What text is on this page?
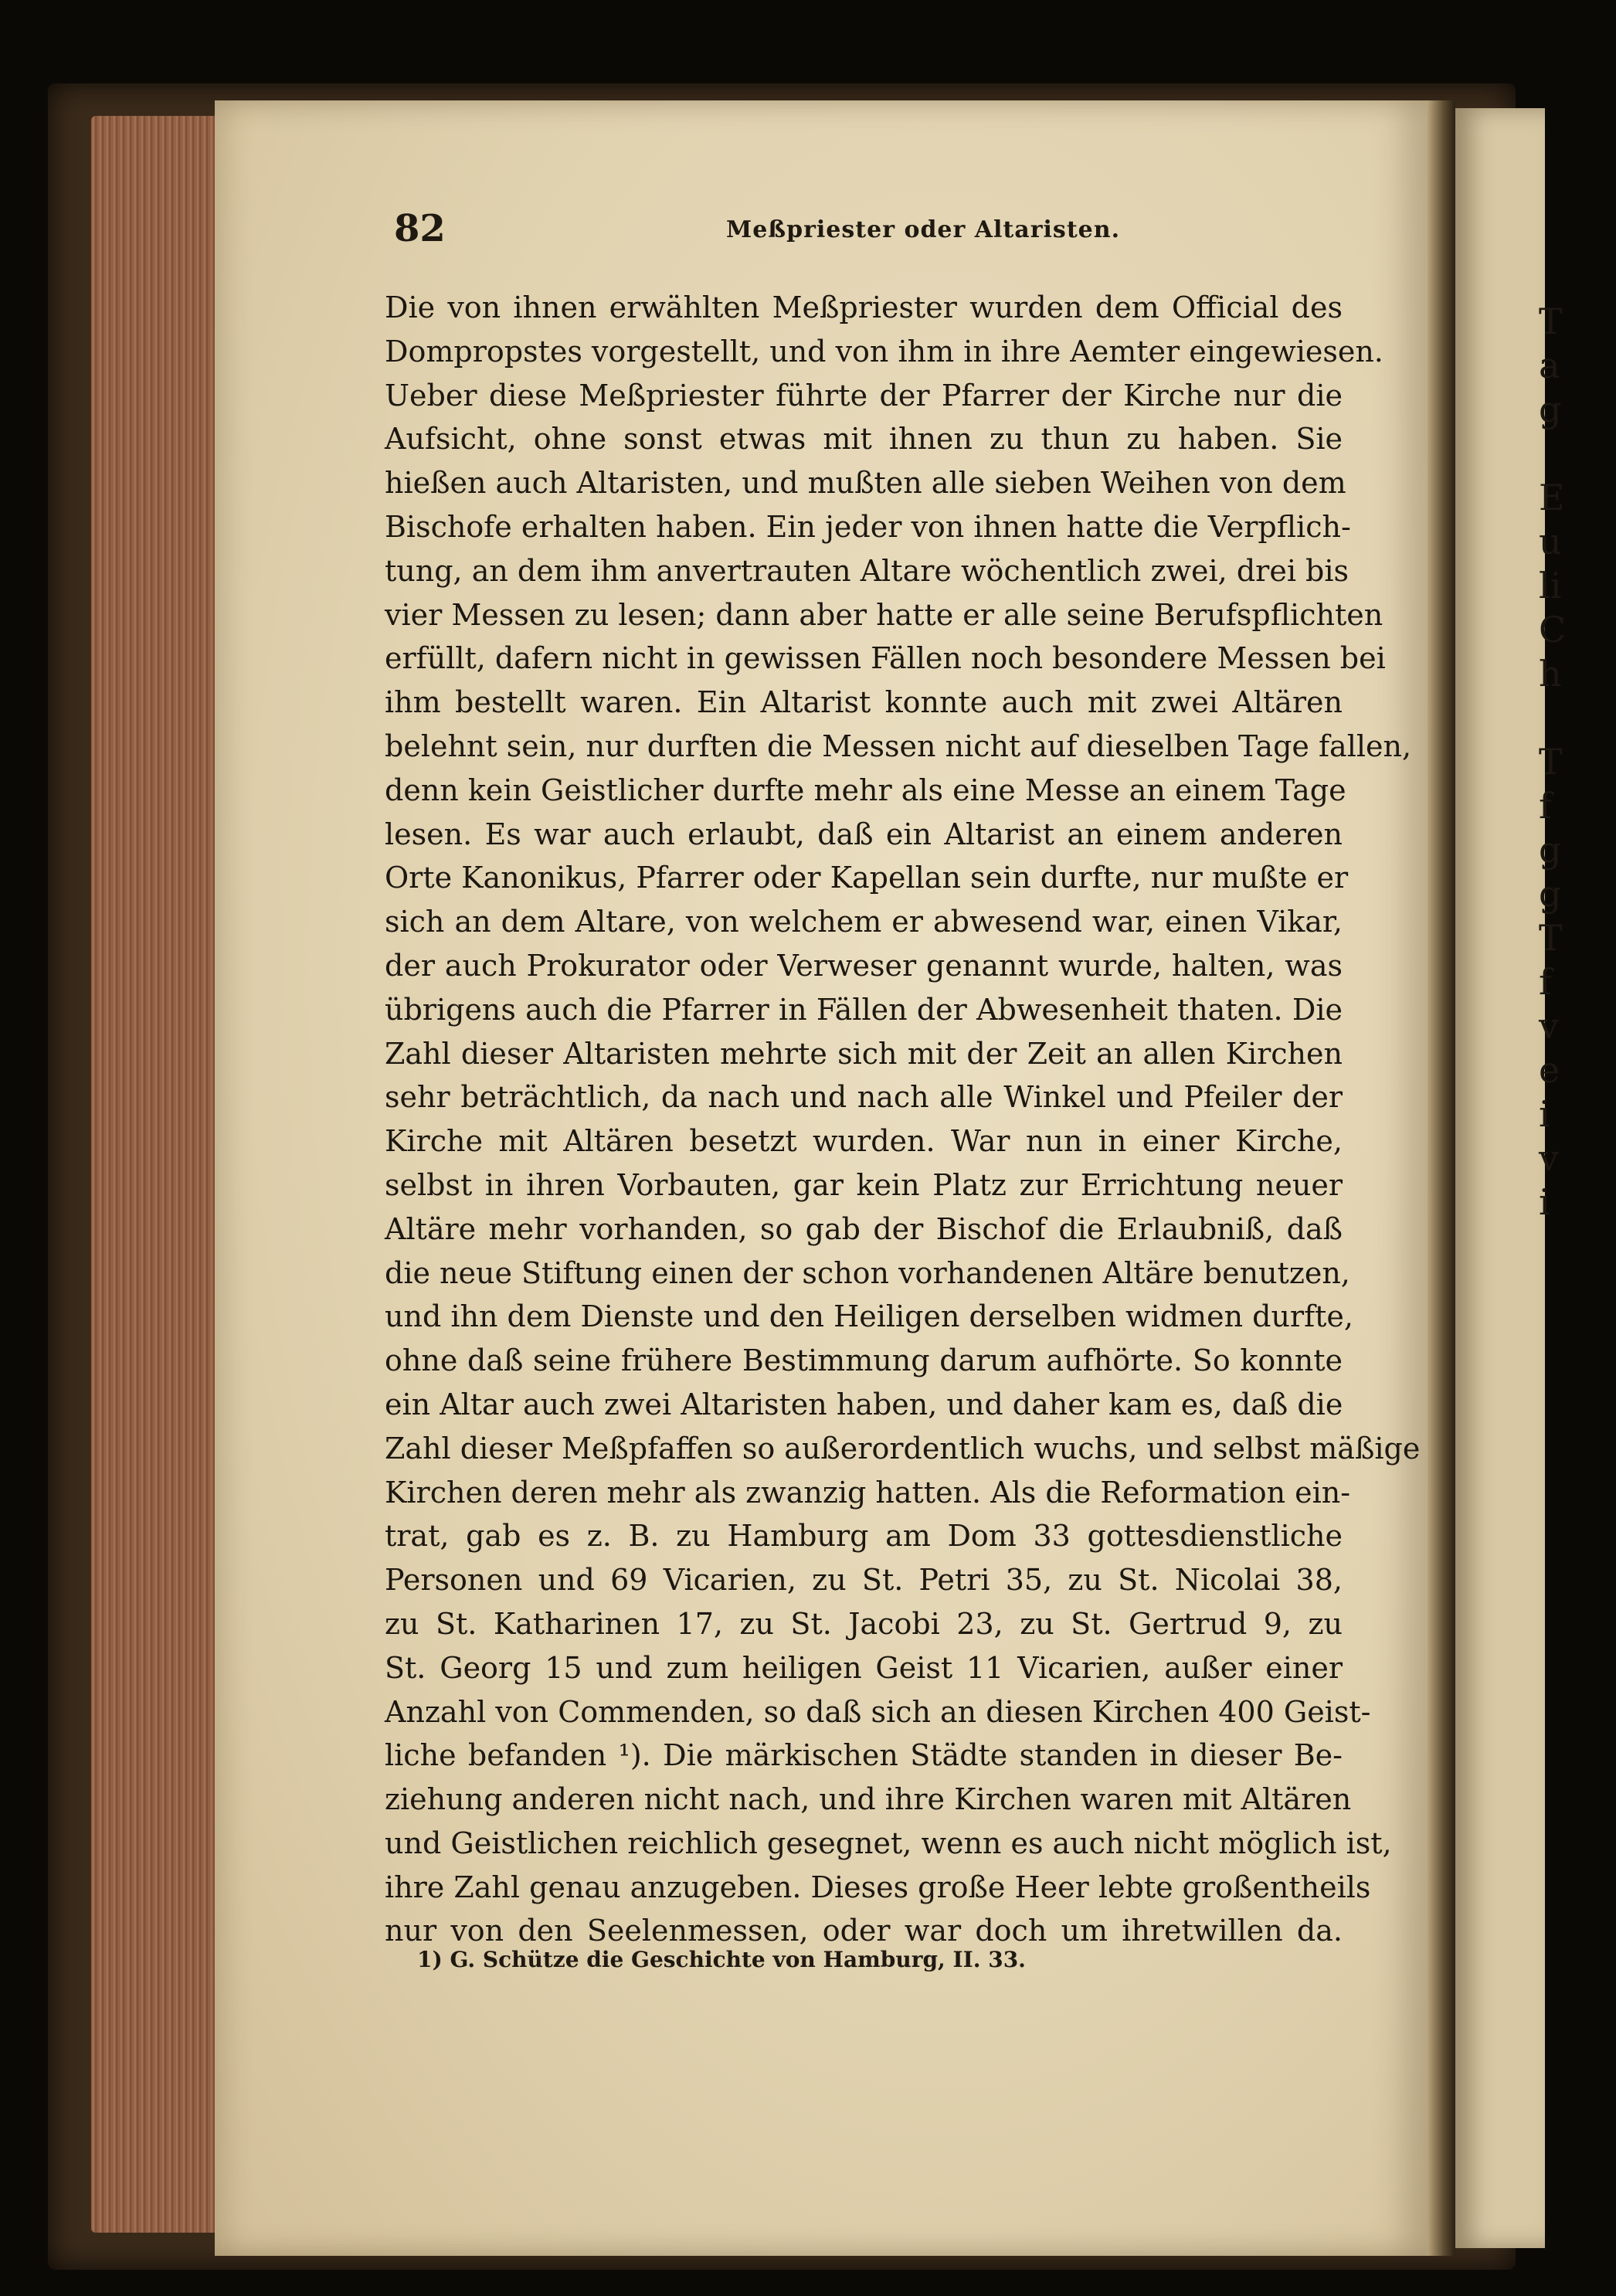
T
a
g
E
u
li
C
h
T
f
g
g
T
f
v
e
i
v
i
82	Meßpriester oder Altaristen.
Die von ihnen erwählten Meßpriester wurden dem Official des
Dompropstes vorgestellt, und von ihm in ihre Aemter eingewiesen.
Ueber diese Meßpriester führte der Pfarrer der Kirche nur die
Aufsicht, ohne sonst etwas mit ihnen zu thun zu haben. Sie
hießen auch Altaristen, und mußten alle sieben Weihen von dem
Bischofe erhalten haben. Ein jeder von ihnen hatte die Verpflich-
tung, an dem ihm anvertrauten Altare wöchentlich zwei, drei bis
vier Messen zu lesen; dann aber hatte er alle seine Berufspflichten
erfüllt, dafern nicht in gewissen Fällen noch besondere Messen bei
ihm bestellt waren. Ein Altarist konnte auch mit zwei Altären
belehnt sein, nur durften die Messen nicht auf dieselben Tage fallen,
denn kein Geistlicher durfte mehr als eine Messe an einem Tage
lesen. Es war auch erlaubt, daß ein Altarist an einem anderen
Orte Kanonikus, Pfarrer oder Kapellan sein durfte, nur mußte er
sich an dem Altare, von welchem er abwesend war, einen Vikar,
der auch Prokurator oder Verweser genannt wurde, halten, was
übrigens auch die Pfarrer in Fällen der Abwesenheit thaten. Die
Zahl dieser Altaristen mehrte sich mit der Zeit an allen Kirchen
sehr beträchtlich, da nach und nach alle Winkel und Pfeiler der
Kirche mit Altären besetzt wurden. War nun in einer Kirche,
selbst in ihren Vorbauten, gar kein Platz zur Errichtung neuer
Altäre mehr vorhanden, so gab der Bischof die Erlaubniß, daß
die neue Stiftung einen der schon vorhandenen Altäre benutzen,
und ihn dem Dienste und den Heiligen derselben widmen durfte,
ohne daß seine frühere Bestimmung darum aufhörte. So konnte
ein Altar auch zwei Altaristen haben, und daher kam es, daß die
Zahl dieser Meßpfaffen so außerordentlich wuchs, und selbst mäßige
Kirchen deren mehr als zwanzig hatten. Als die Reformation ein-
trat, gab es z. B. zu Hamburg am Dom 33 gottesdienstliche
Personen und 69 Vicarien, zu St. Petri 35, zu St. Nicolai 38,
zu St. Katharinen 17, zu St. Jacobi 23, zu St. Gertrud 9, zu
St. Georg 15 und zum heiligen Geist 11 Vicarien, außer einer
Anzahl von Commenden, so daß sich an diesen Kirchen 400 Geist-
liche befanden ¹). Die märkischen Städte standen in dieser Be-
ziehung anderen nicht nach, und ihre Kirchen waren mit Altären
und Geistlichen reichlich gesegnet, wenn es auch nicht möglich ist,
ihre Zahl genau anzugeben. Dieses große Heer lebte großentheils
nur von den Seelenmessen, oder war doch um ihretwillen da.
1) G. Schütze die Geschichte von Hamburg, II. 33.
